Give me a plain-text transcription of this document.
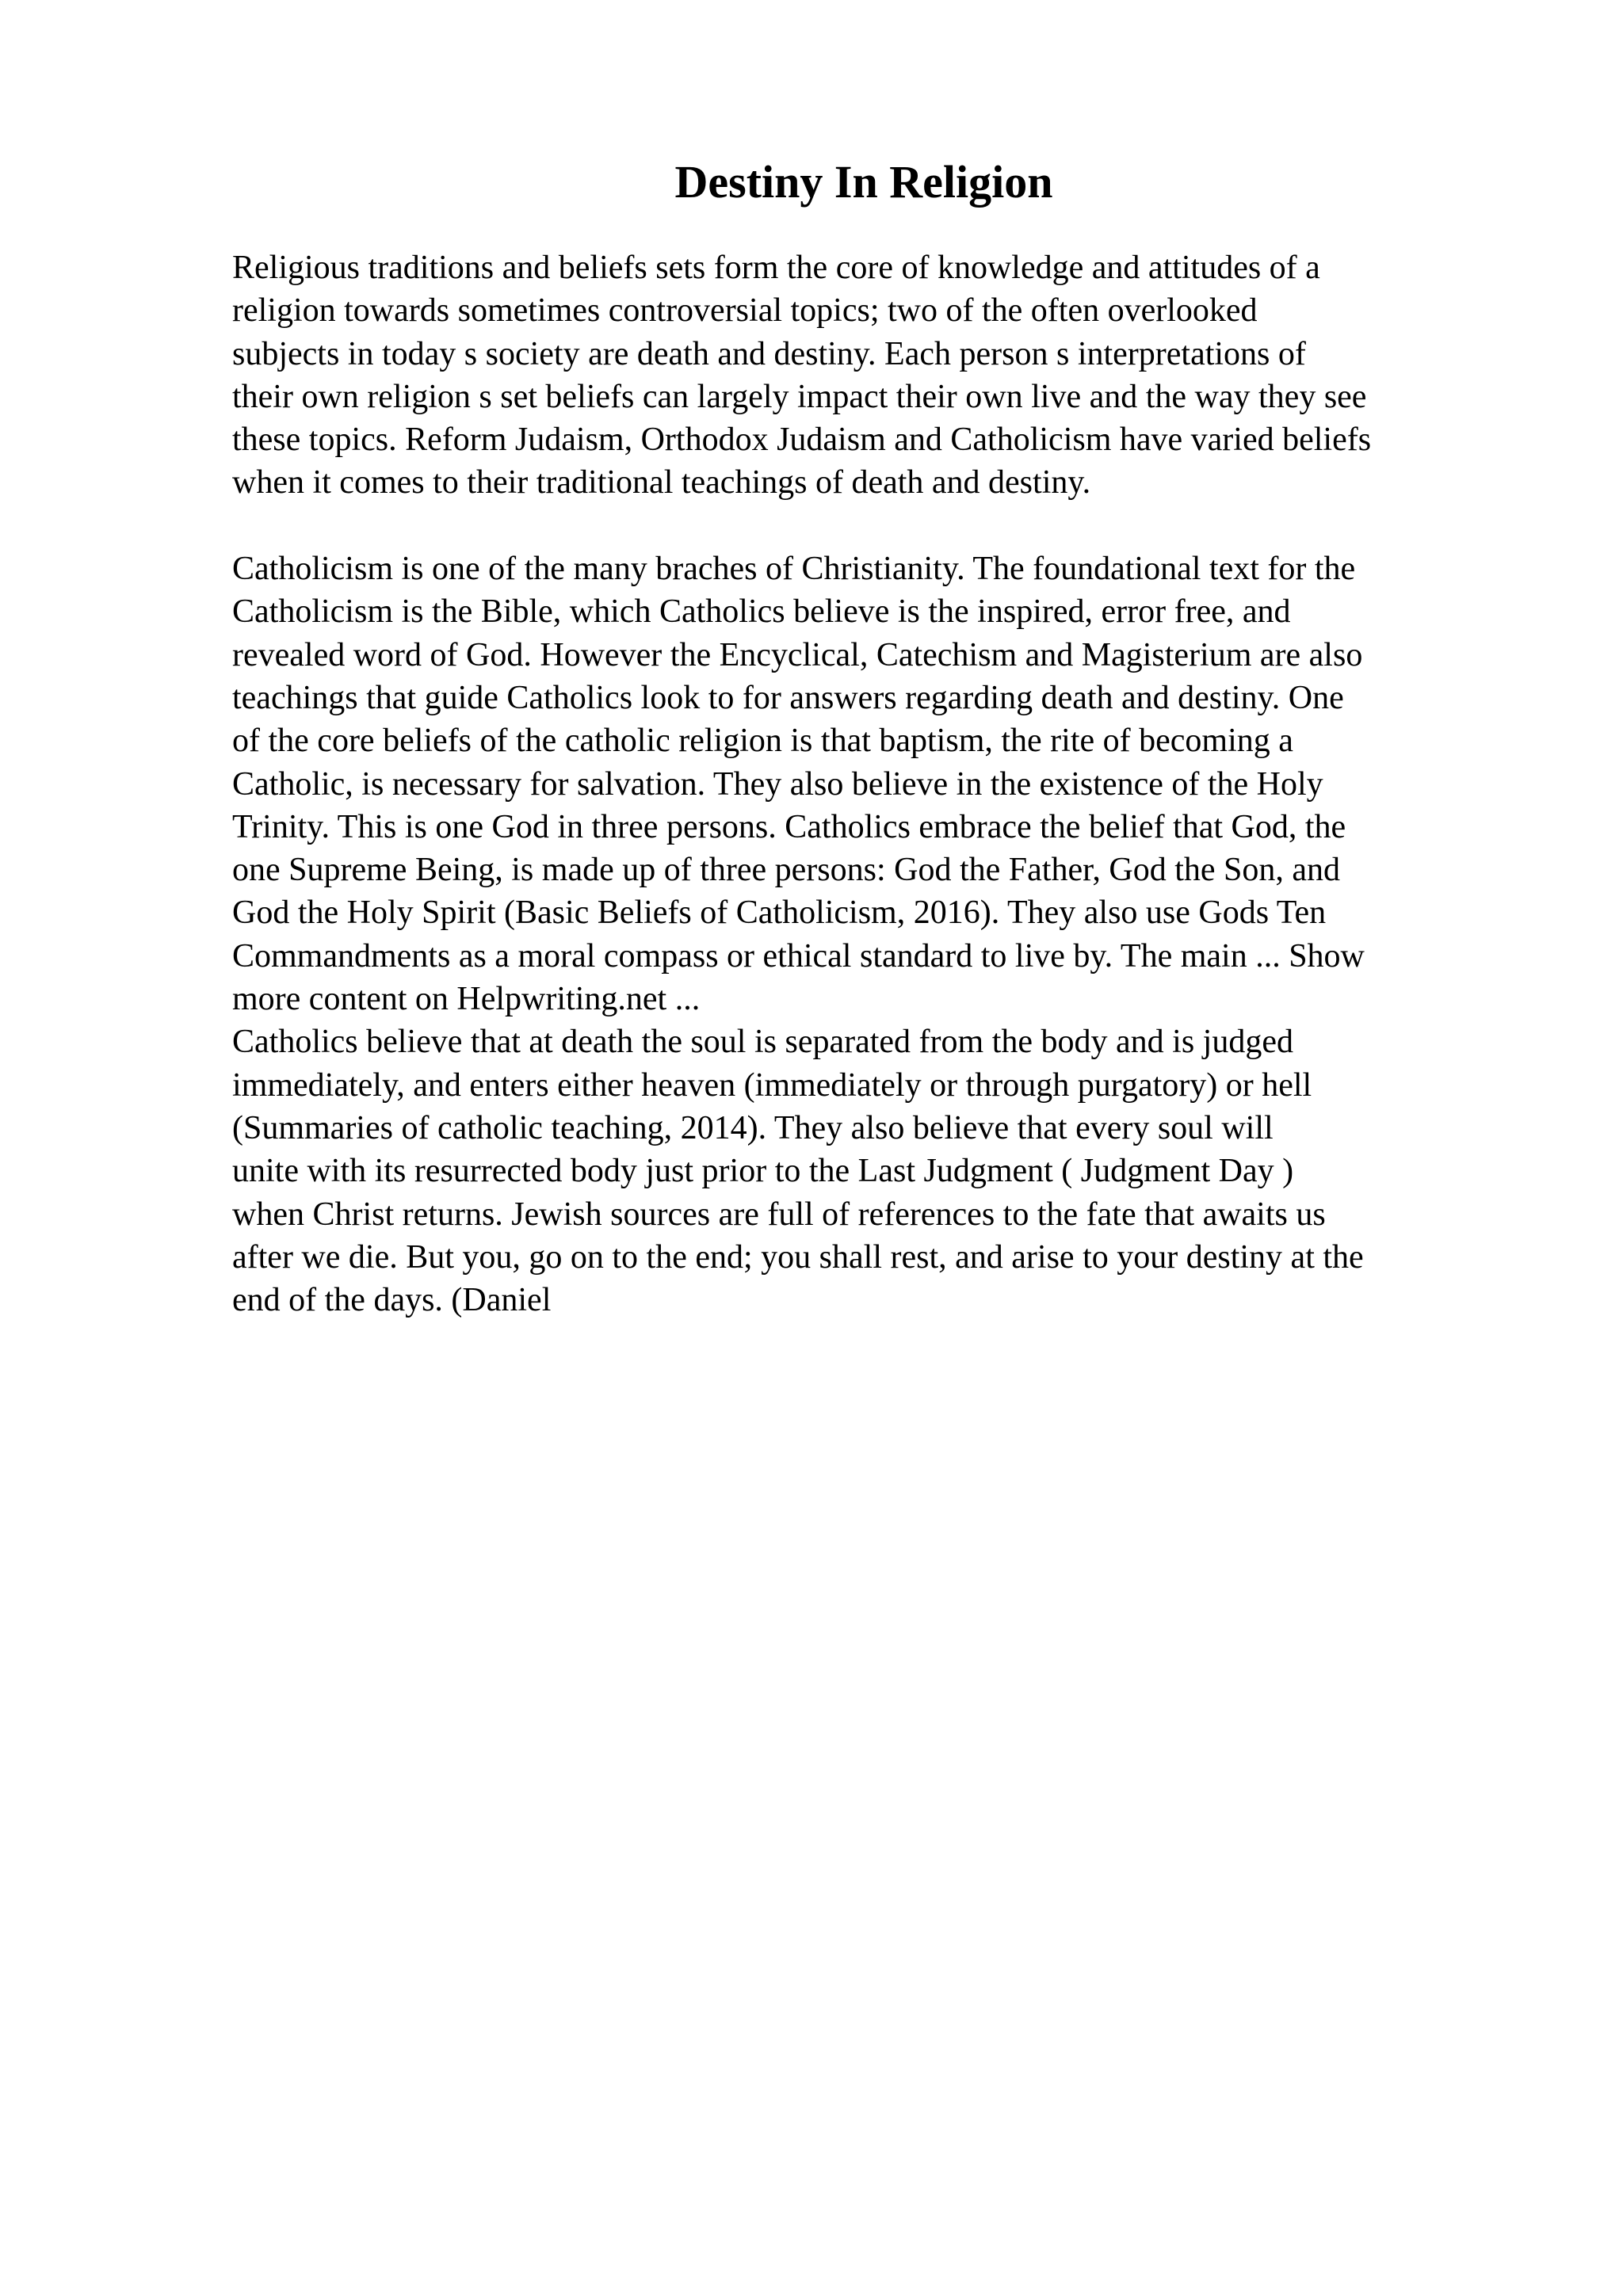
Destiny In Religion
Religious traditions and beliefs sets form the core of knowledge and attitudes of a
religion towards sometimes controversial topics; two of the often overlooked
subjects in today s society are death and destiny. Each person s interpretations of
their own religion s set beliefs can largely impact their own live and the way they see
these topics. Reform Judaism, Orthodox Judaism and Catholicism have varied beliefs
when it comes to their traditional teachings of death and destiny.
Catholicism is one of the many braches of Christianity. The foundational text for the
Catholicism is the Bible, which Catholics believe is the inspired, error free, and
revealed word of God. However the Encyclical, Catechism and Magisterium are also
teachings that guide Catholics look to for answers regarding death and destiny. One
of the core beliefs of the catholic religion is that baptism, the rite of becoming a
Catholic, is necessary for salvation. They also believe in the existence of the Holy
Trinity. This is one God in three persons. Catholics embrace the belief that God, the
one Supreme Being, is made up of three persons: God the Father, God the Son, and
God the Holy Spirit (Basic Beliefs of Catholicism, 2016). They also use Gods Ten
Commandments as a moral compass or ethical standard to live by. The main ... Show
more content on Helpwriting.net ...
Catholics believe that at death the soul is separated from the body and is judged
immediately, and enters either heaven (immediately or through purgatory) or hell
(Summaries of catholic teaching, 2014). They also believe that every soul will
unite with its resurrected body just prior to the Last Judgment ( Judgment Day )
when Christ returns. Jewish sources are full of references to the fate that awaits us
after we die. But you, go on to the end; you shall rest, and arise to your destiny at the
end of the days. (Daniel
